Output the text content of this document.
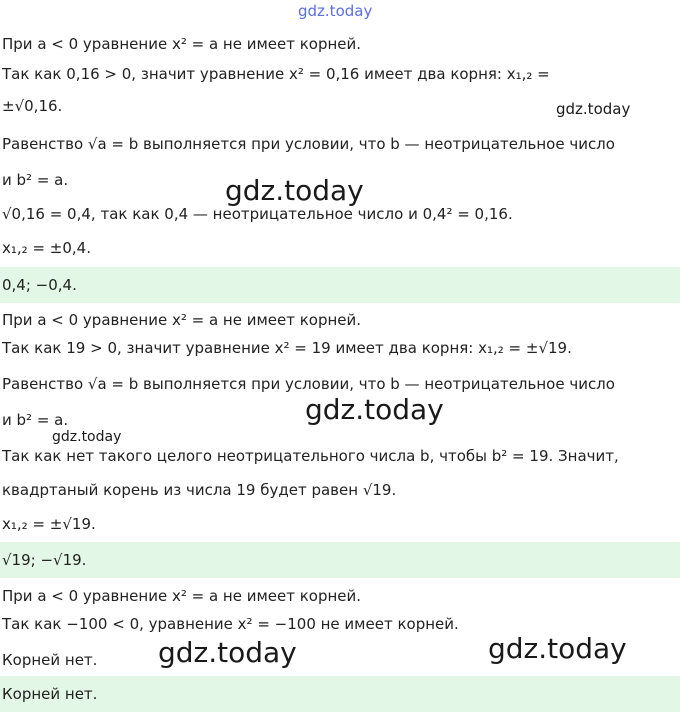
gdz.today
gdz.today
gdz.today
gdz.today
gdz.today
gdz.today	gdz.today
При a < 0 уравнение x² = a не имеет корней.
Так как 0,16 > 0, значит уравнение x² = 0,16 имеет два корня: x₁,₂ =
±√0,16.
Равенство √a = b выполняется при условии, что b — неотрицательное число
и b² = a.
√0,16 = 0,4, так как 0,4 — неотрицательное число и 0,4² = 0,16.
x₁,₂ = ±0,4.
0,4; −0,4.
При a < 0 уравнение x² = a не имеет корней.
Так как 19 > 0, значит уравнение x² = 19 имеет два корня: x₁,₂ = ±√19.
Равенство √a = b выполняется при условии, что b — неотрицательное число
и b² = a.
Так как нет такого целого неотрицательного числа b, чтобы b² = 19. Значит,
квадртаный корень из числа 19 будет равен √19.
x₁,₂ = ±√19.
√19; −√19.
При a < 0 уравнение x² = a не имеет корней.
Так как −100 < 0, уравнение x² = −100 не имеет корней.
Корней нет.
Корней нет.
